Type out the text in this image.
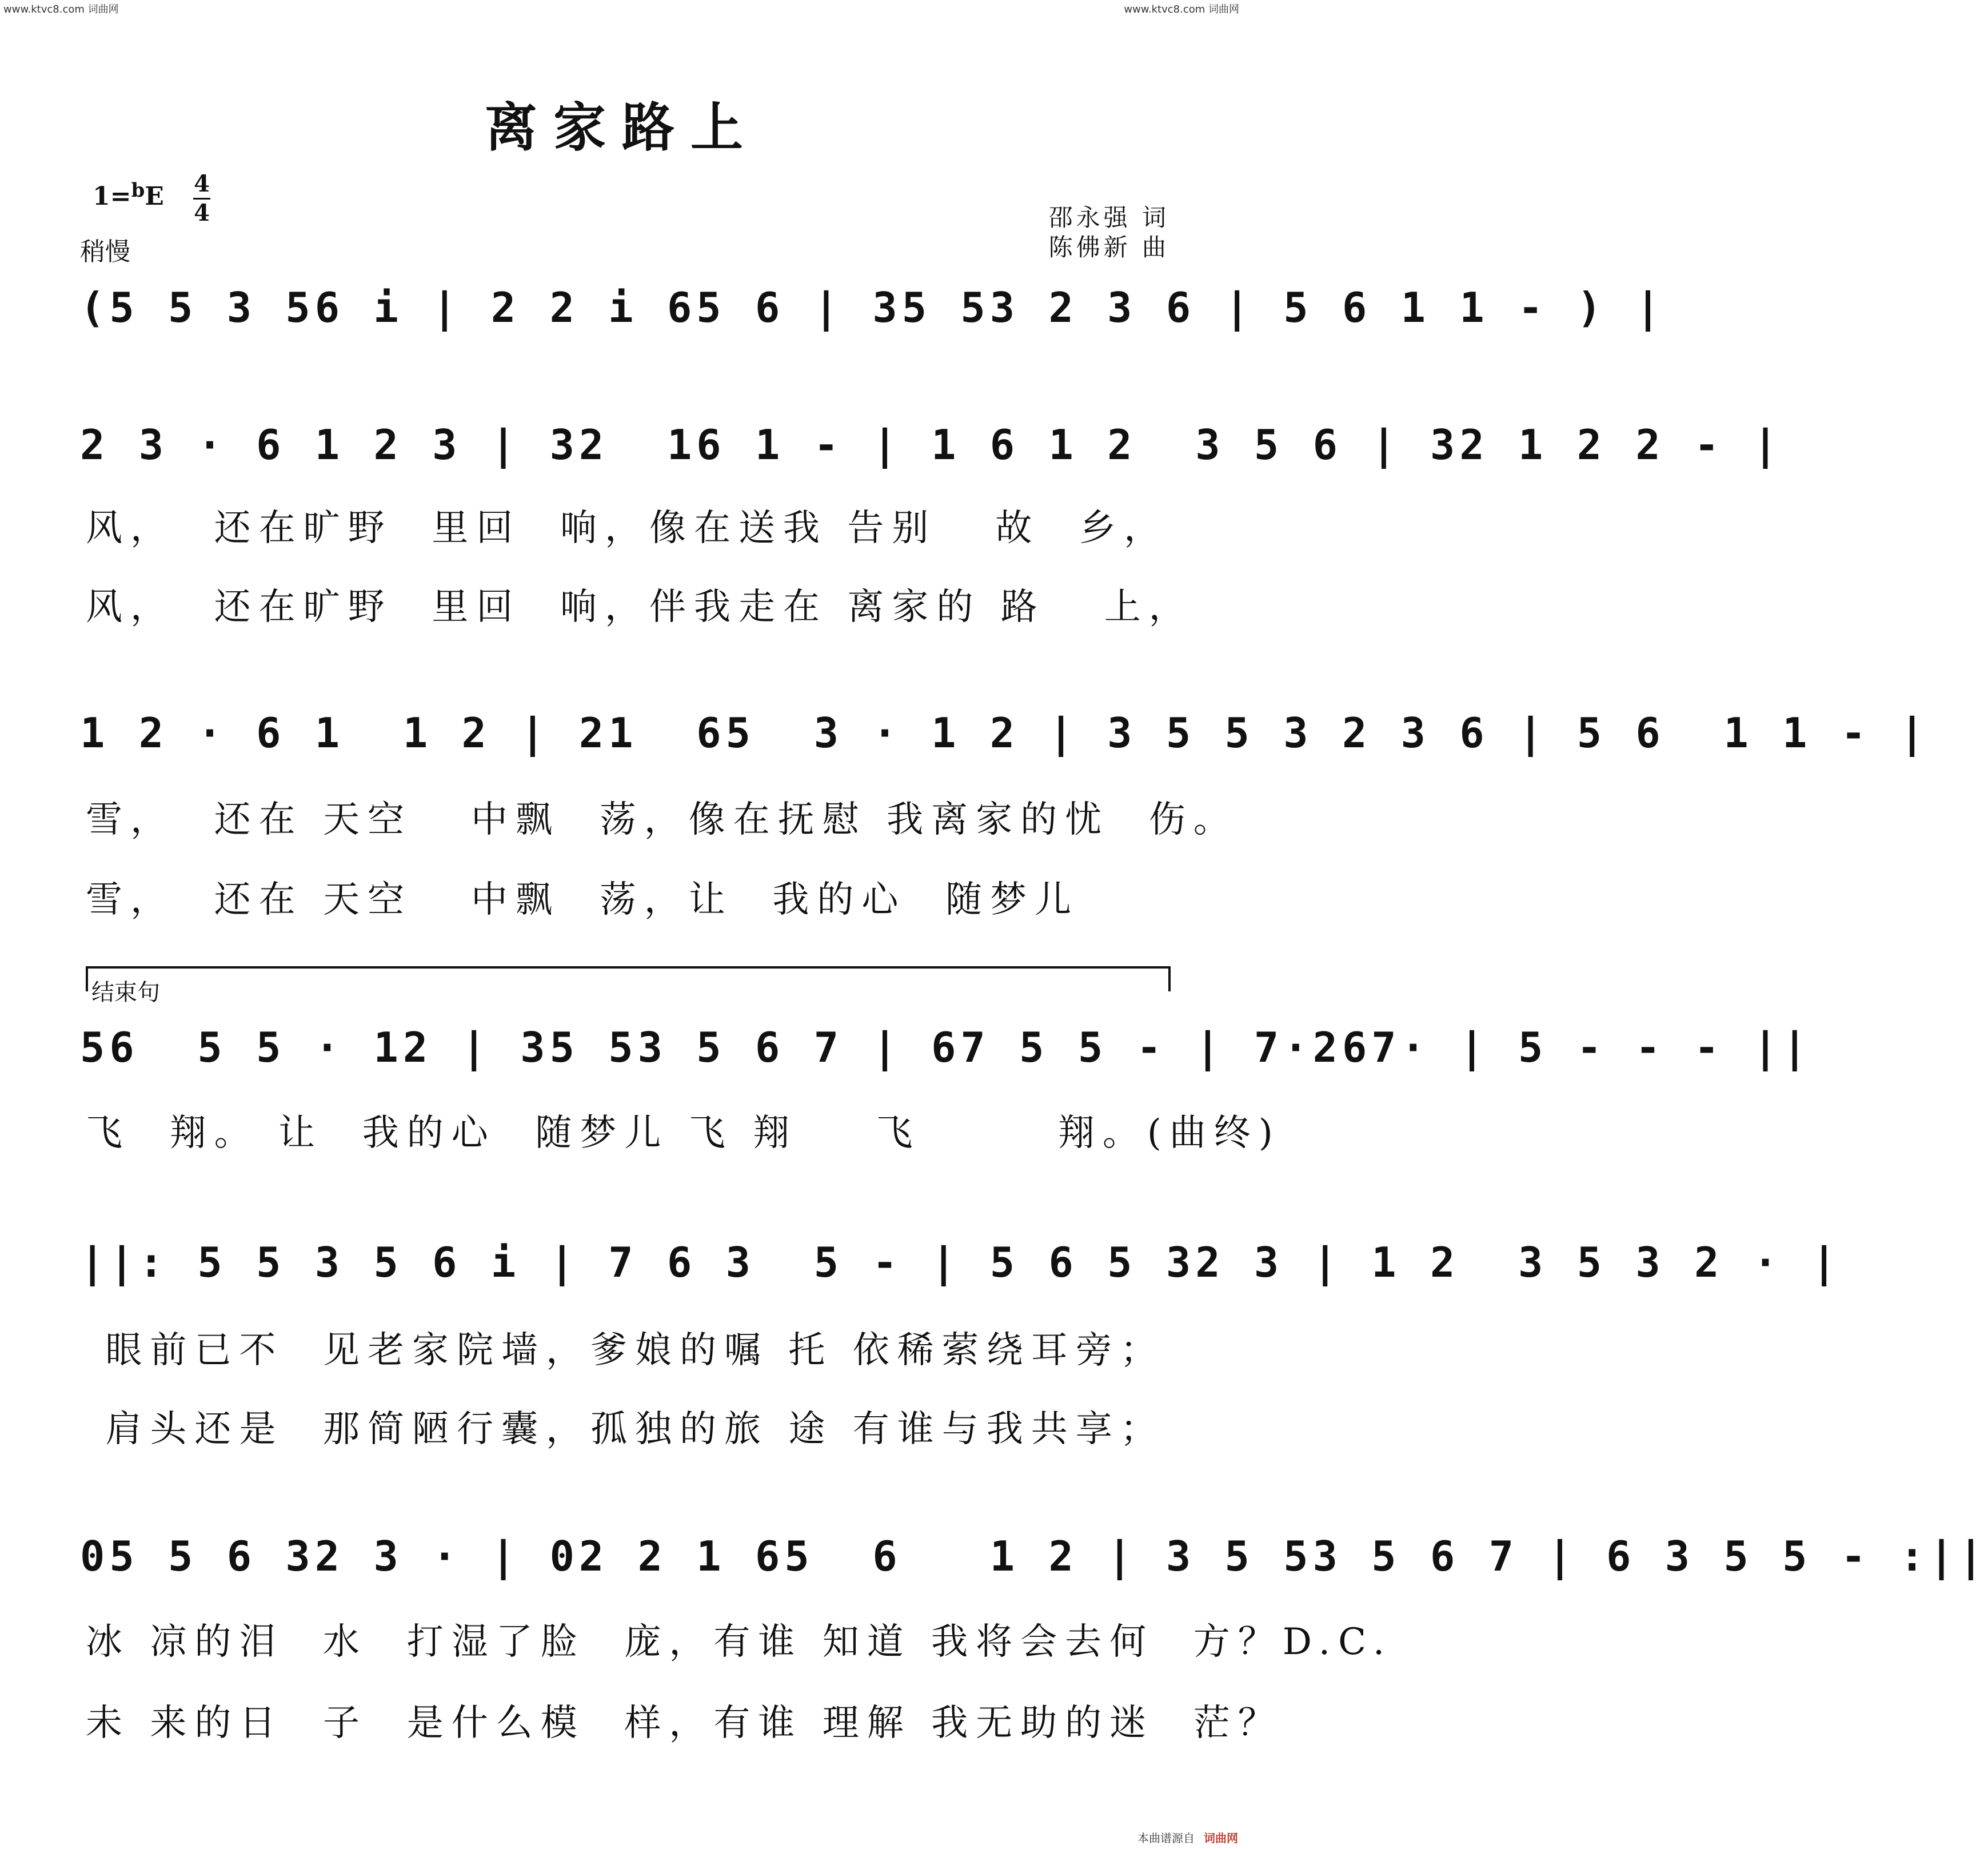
www.ktvc8.com 词曲网	www.ktvc8.com 词曲网
离家路上
1=$^b$E 4
4
稍慢
邵永强 词
陈佛新 曲
(5 5 3 56 i | 2 2 i 65 6 | 35 53 2 3 6 | 5 6 1 1 - ) |
2 3 · 6 1 2 3 | 32  16 1 - | 1 6 1 2  3 5 6 | 32 1 2 2 - |
风，  还在旷野  里回  响，像在送我 告别   故  乡，
风，  还在旷野  里回  响，伴我走在 离家的 路   上，
1 2 · 6 1  1 2 | 21  65  3 · 1 2 | 3 5 5 3 2 3 6 | 5 6  1 1 - |
雪，  还在 天空   中飘  荡，像在抚慰 我离家的忧  伤。
雪，  还在 天空   中飘  荡，让  我的心  随梦儿
结束句
56  5 5 · 12 | 35 53 5 6 7 | 67 5 5 - | 7·267· | 5 - - - ||
飞  翔。 让  我的心  随梦儿 飞 翔    飞       翔。(曲终)
||: 5 5 3 5 6 i | 7 6 3  5 - | 5 6 5 32 3 | 1 2  3 5 3 2 · |
眼前已不  见老家院墙，爹娘的嘱 托 依稀萦绕耳旁；
肩头还是  那简陋行囊，孤独的旅 途 有谁与我共享；
05 5 6 32 3 · | 02 2 1 65  6   1 2 | 3 5 53 5 6 7 | 6 3 5 5 - :||
冰 凉的泪  水  打湿了脸  庞，有谁 知道 我将会去何  方？D.C.
未 来的日  子  是什么模  样，有谁 理解 我无助的迷  茫？
本曲谱源自 词曲网
